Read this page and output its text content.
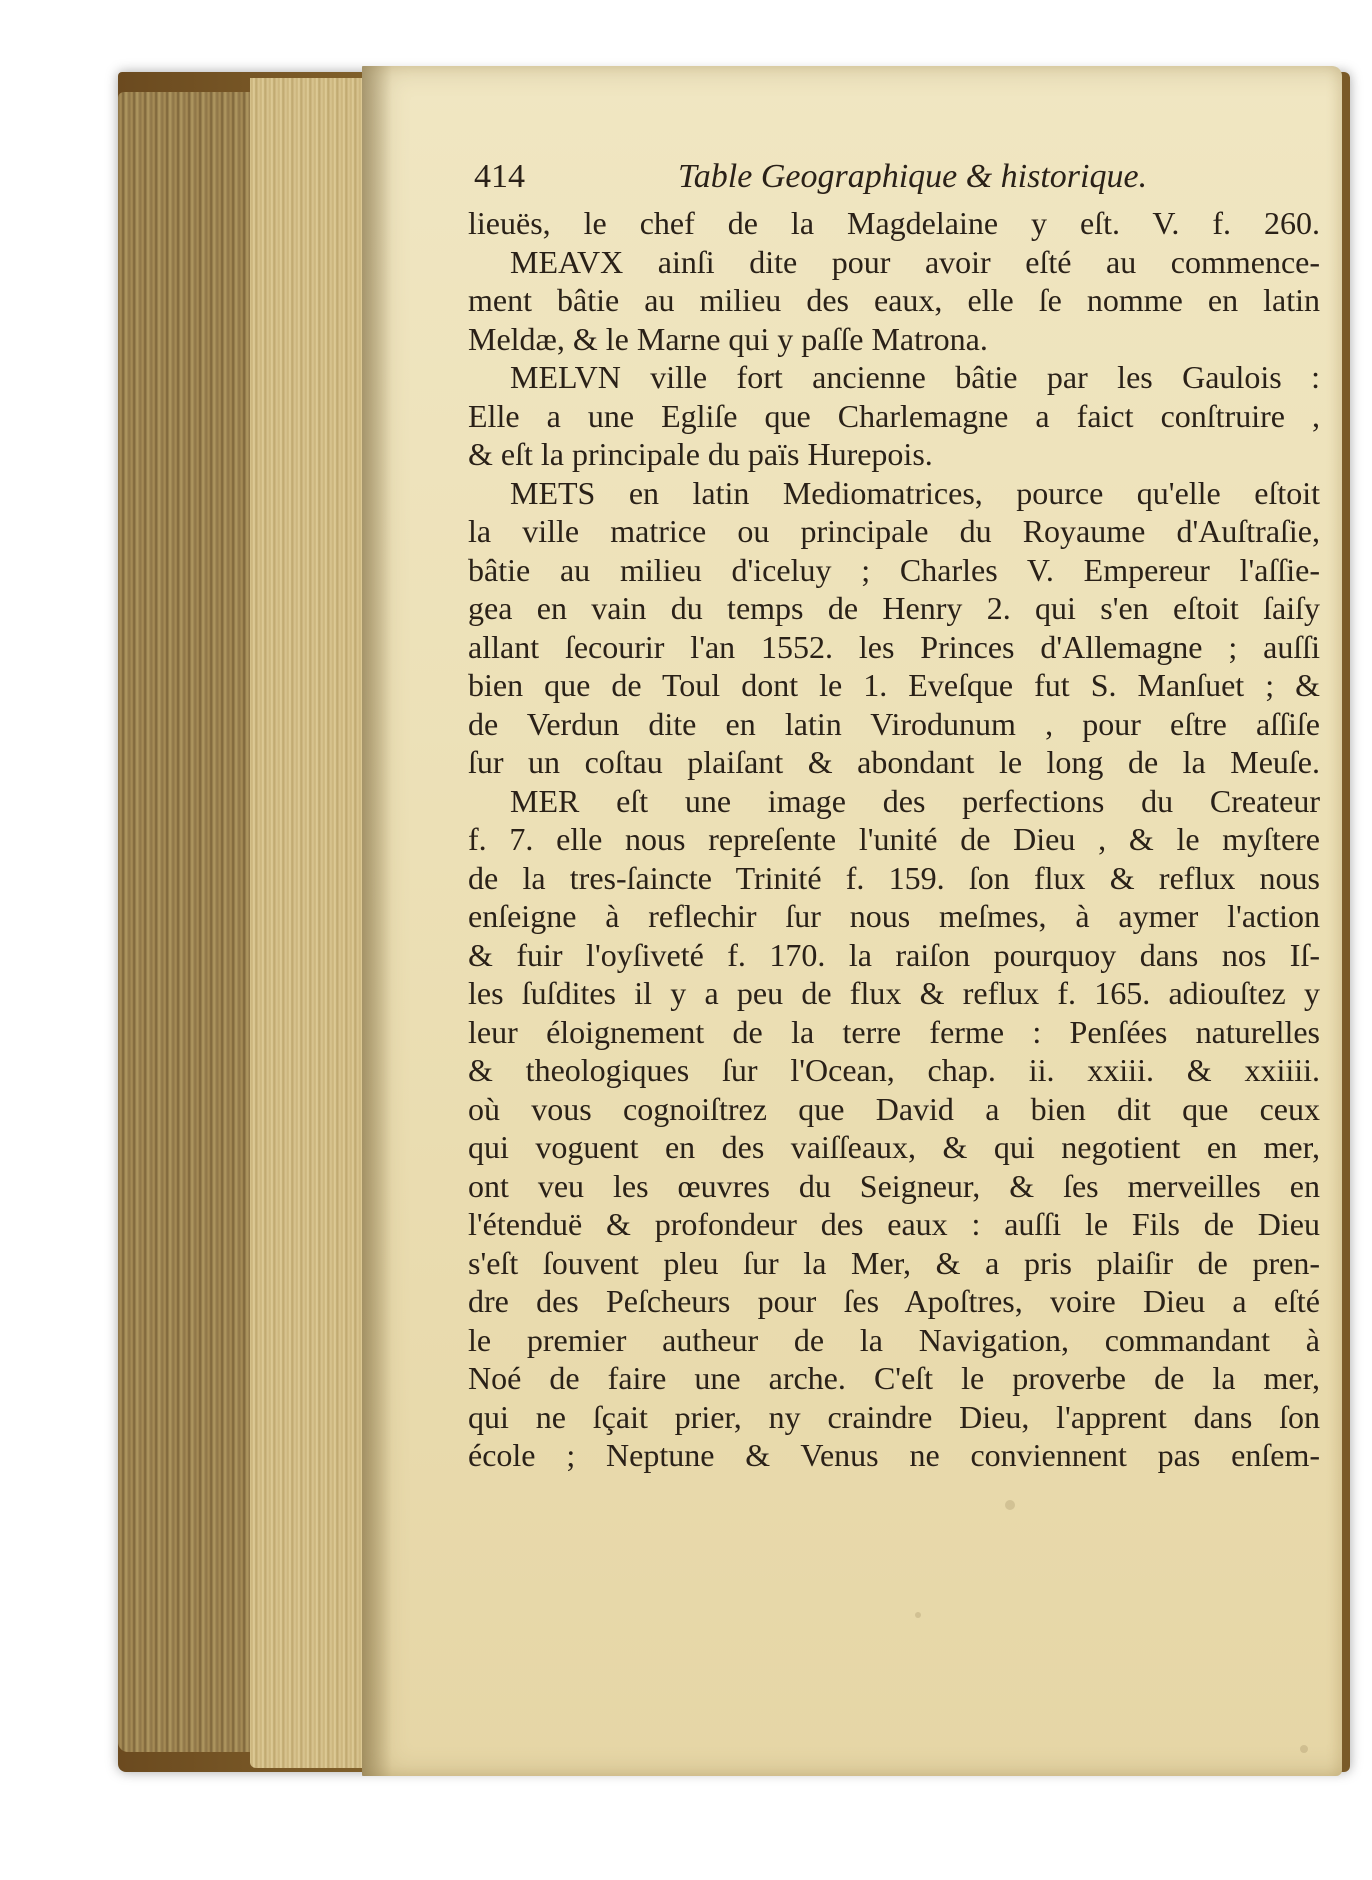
414	Table Geographique & historique.
lieuës, le chef de la Magdelaine y eſt. V. f. 260.
MEAVX ainſi dite pour avoir eſté au commence-
ment bâtie au milieu des eaux, elle ſe nomme en latin
Meldæ, & le Marne qui y paſſe Matrona.
MELVN ville fort ancienne bâtie par les Gaulois :
Elle a une Egliſe que Charlemagne a faict conſtruire ,
& eſt la principale du païs Hurepois.
METS en latin Mediomatrices, pource qu'elle eſtoit
la ville matrice ou principale du Royaume d'Auſtraſie,
bâtie au milieu d'iceluy ; Charles V. Empereur l'aſſie-
gea en vain du temps de Henry 2. qui s'en eſtoit ſaiſy
allant ſecourir l'an 1552. les Princes d'Allemagne ; auſſi
bien que de Toul dont le 1. Eveſque fut S. Manſuet ; &
de Verdun dite en latin Virodunum , pour eſtre aſſiſe
ſur un coſtau plaiſant & abondant le long de la Meuſe.
MER eſt une image des perfections du Createur
f. 7. elle nous repreſente l'unité de Dieu , & le myſtere
de la tres-ſaincte Trinité f. 159. ſon flux & reflux nous
enſeigne à reflechir ſur nous meſmes, à aymer l'action
& fuir l'oyſiveté f. 170. la raiſon pourquoy dans nos Iſ-
les ſuſdites il y a peu de flux & reflux f. 165. adiouſtez y
leur éloignement de la terre ferme : Penſées naturelles
& theologiques ſur l'Ocean, chap. ii. xxiii. & xxiiii.
où vous cognoiſtrez que David a bien dit que ceux
qui voguent en des vaiſſeaux, & qui negotient en mer,
ont veu les œuvres du Seigneur, & ſes merveilles en
l'étenduë & profondeur des eaux : auſſi le Fils de Dieu
s'eſt ſouvent pleu ſur la Mer, & a pris plaiſir de pren-
dre des Peſcheurs pour ſes Apoſtres, voire Dieu a eſté
le premier autheur de la Navigation, commandant à
Noé de faire une arche. C'eſt le proverbe de la mer,
qui ne ſçait prier, ny craindre Dieu, l'apprent dans ſon
école ; Neptune & Venus ne conviennent pas enſem-
